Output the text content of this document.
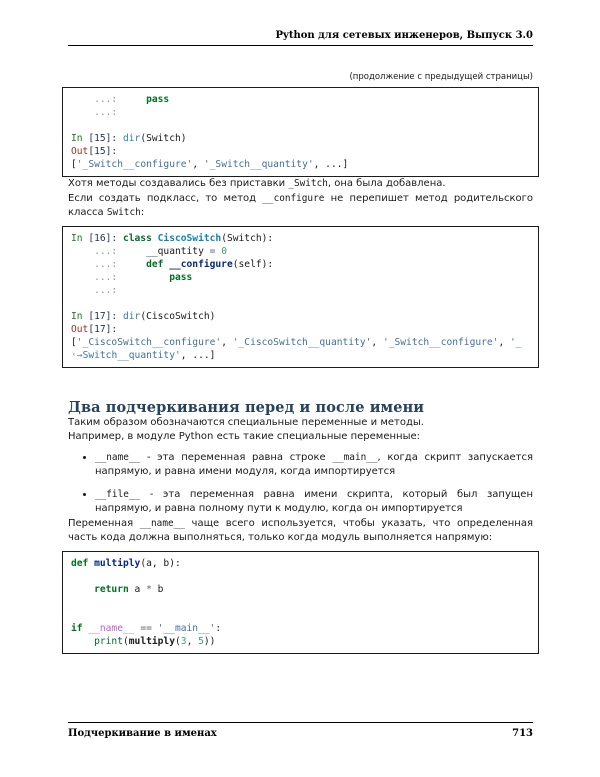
Python для сетевых инженеров, Выпуск 3.0
(продолжение с предыдущей страницы)
...:     pass
...:

In [15]: dir(Switch)
Out[15]:
['_Switch__configure', '_Switch__quantity', ...]

Хотя методы создавались без приставки _Switch, она была добавлена.

Если создать подкласс, то метод __configure не перепишет метод родительского класса Switch:

In [16]: class CiscoSwitch(Switch):
...:     __quantity = 0
...:     def __configure(self):
...:         pass
...:

In [17]: dir(CiscoSwitch)
Out[17]:
['_CiscoSwitch__configure', '_CiscoSwitch__quantity', '_Switch__configure', '_
˓→Switch__quantity', ...]
Два подчеркивания перед и после имени

Таким образом обозначаются специальные переменные и методы.

Например, в модуле Python есть такие специальные переменные:

• __name__ - эта переменная равна строке __main__, когда скрипт запускается напрямую, и равна имени модуля, когда импортируется
• __file__ - эта переменная равна имени скрипта, который был запущен напрямую, и равна полному пути к модулю, когда он импортируется

Переменная __name__ чаще всего используется, чтобы указать, что определенная часть кода должна выполняться, только когда модуль выполняется напрямую:

def multiply(a, b):

return a * b

if __name__ == '__main__':
print(multiply(3, 5))
Подчеркивание в именах	713
